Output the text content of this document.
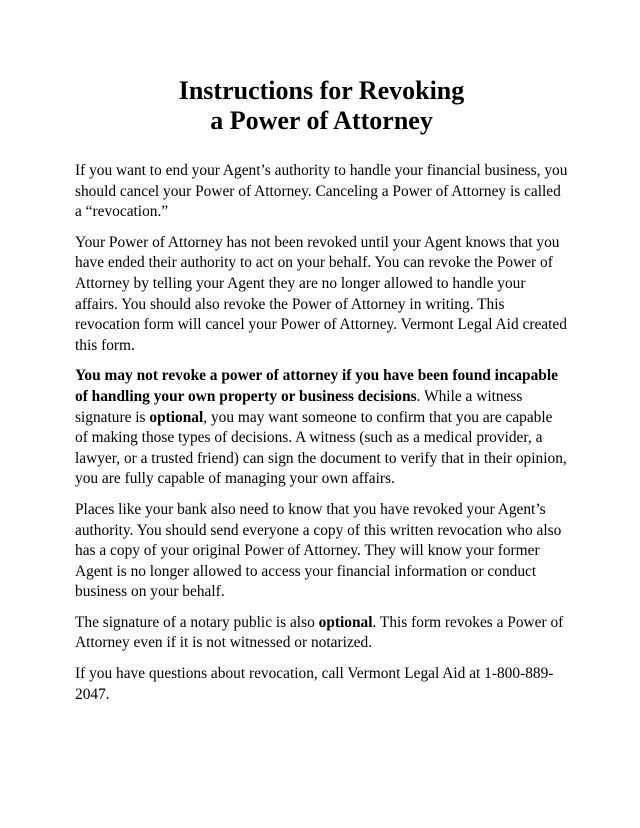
Instructions for Revoking
a Power of Attorney

If you want to end your Agent’s authority to handle your financial business, you should cancel your Power of Attorney. Canceling a Power of Attorney is called a “revocation.”

Your Power of Attorney has not been revoked until your Agent knows that you have ended their authority to act on your behalf. You can revoke the Power of Attorney by telling your Agent they are no longer allowed to handle your affairs. You should also revoke the Power of Attorney in writing. This revocation form will cancel your Power of Attorney. Vermont Legal Aid created this form.

You may not revoke a power of attorney if you have been found incapable of handling your own property or business decisions. While a witness signature is optional, you may want someone to confirm that you are capable of making those types of decisions. A witness (such as a medical provider, a lawyer, or a trusted friend) can sign the document to verify that in their opinion, you are fully capable of managing your own affairs.

Places like your bank also need to know that you have revoked your Agent’s authority. You should send everyone a copy of this written revocation who also has a copy of your original Power of Attorney. They will know your former Agent is no longer allowed to access your financial information or conduct business on your behalf.

The signature of a notary public is also optional. This form revokes a Power of Attorney even if it is not witnessed or notarized.

If you have questions about revocation, call Vermont Legal Aid at 1-800-889-2047.
